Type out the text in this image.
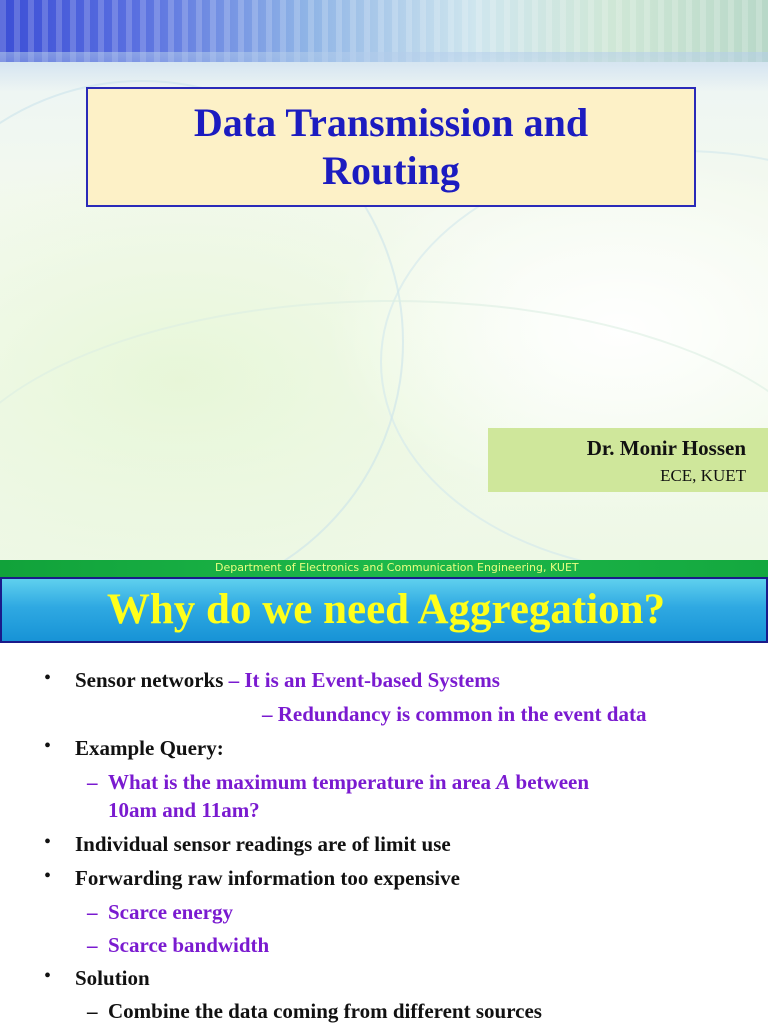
Data Transmission and Routing
Dr. Monir Hossen
ECE, KUET
Department of Electronics and Communication Engineering, KUET
Why do we need Aggregation?
• Sensor networks – It is an Event-based Systems
– Redundancy is common in the event data
• Example Query:
– What is the maximum temperature in area A between
10am and 11am?
• Individual sensor readings are of limit use
• Forwarding raw information too expensive
– Scarce energy
– Scarce bandwidth
• Solution
– Combine the data coming from different sources
